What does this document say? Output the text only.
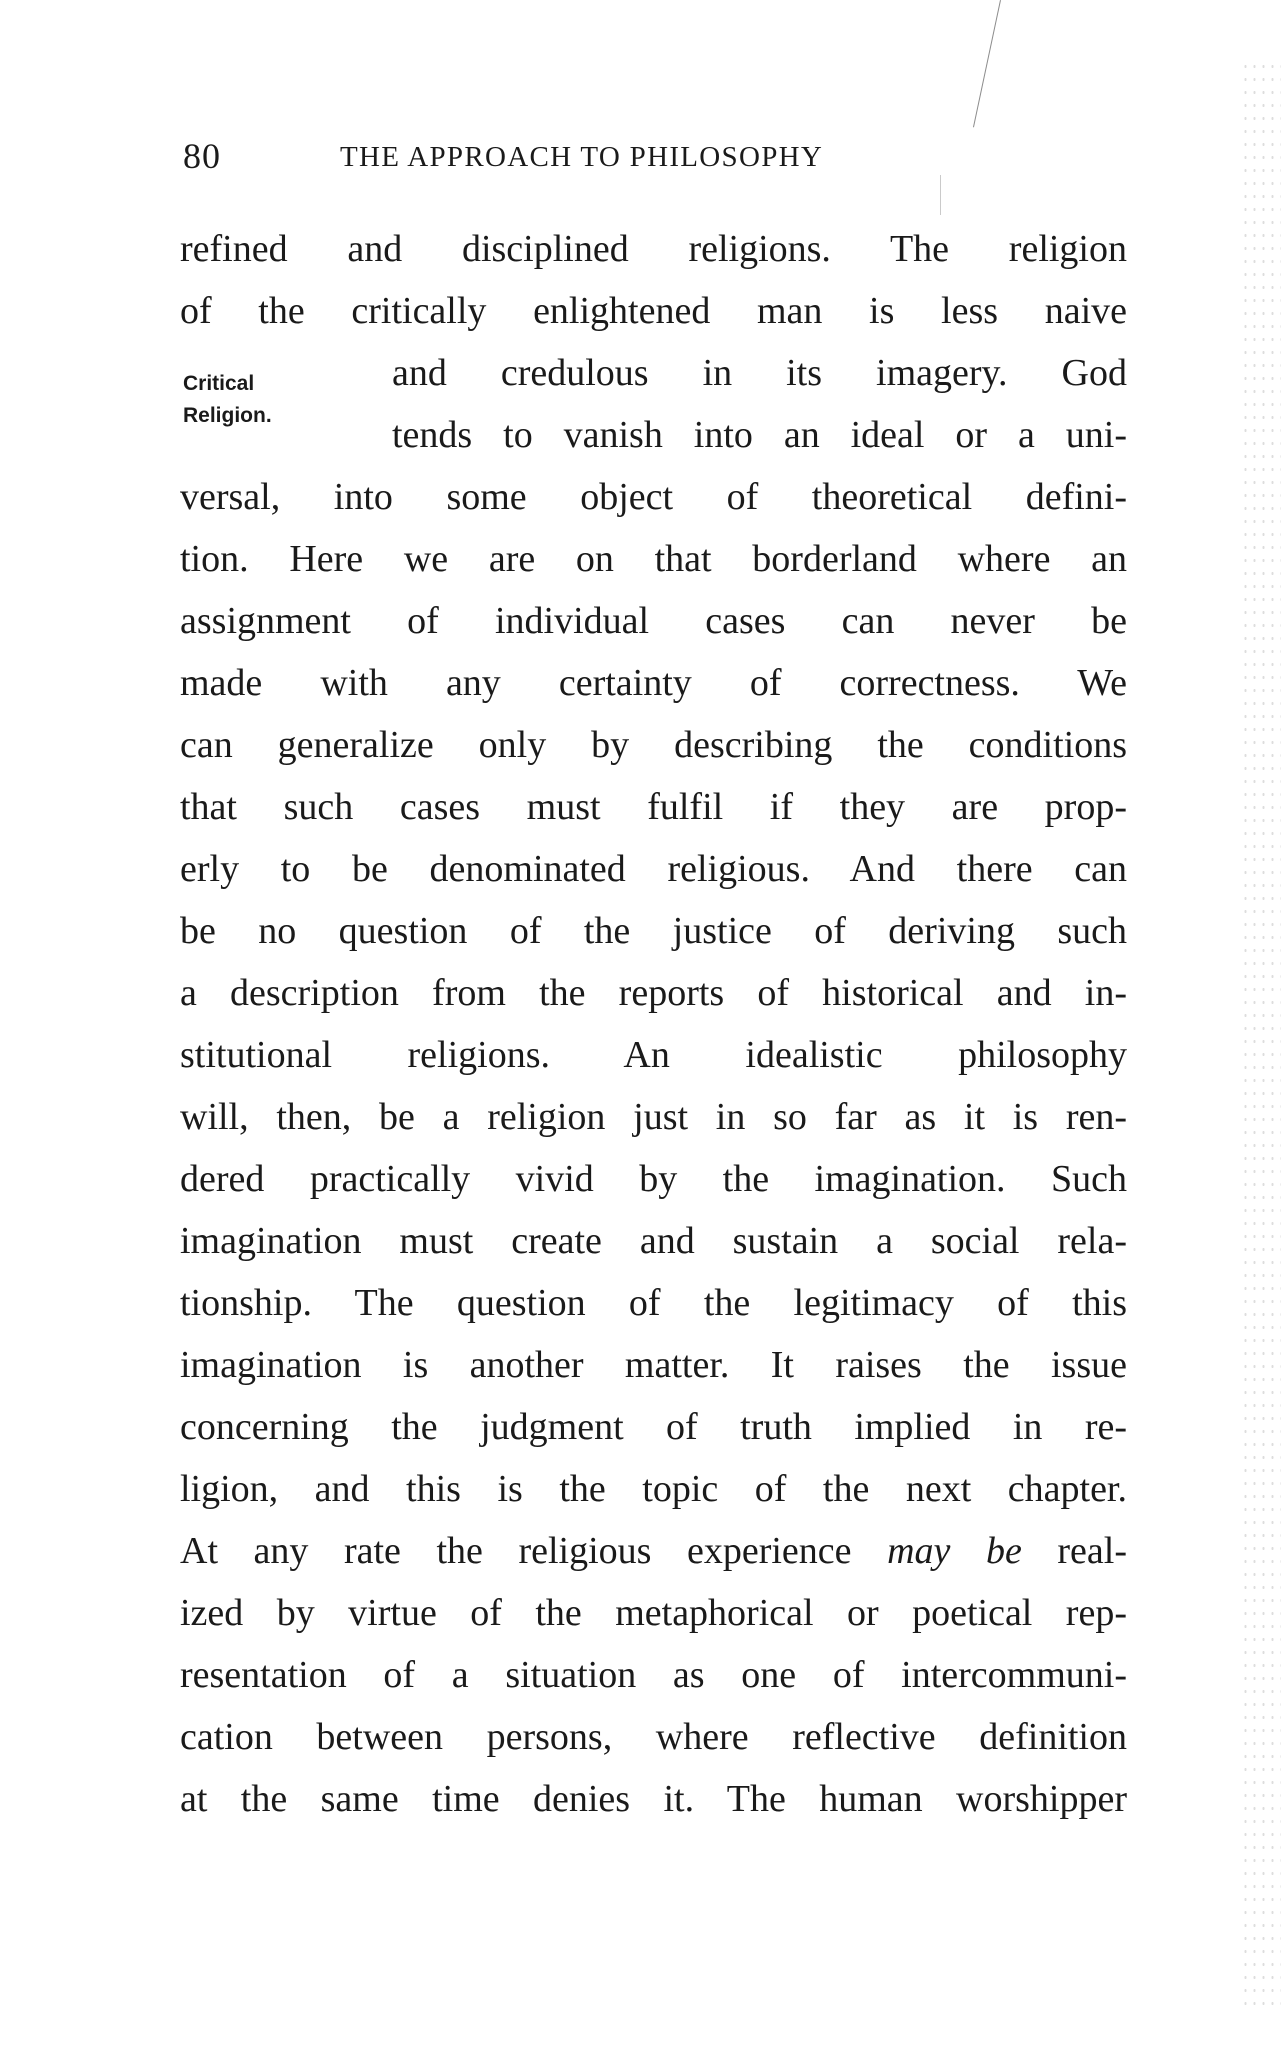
80	THE APPROACH TO PHILOSOPHY
Critical
Religion.
refined and disciplined religions. The religion
of the critically enlightened man is less naive
and credulous in its imagery. God
tends to vanish into an ideal or a uni-
versal, into some object of theoretical defini-
tion. Here we are on that borderland where an
assignment of individual cases can never be
made with any certainty of correctness. We
can generalize only by describing the conditions
that such cases must fulfil if they are prop-
erly to be denominated religious. And there can
be no question of the justice of deriving such
a description from the reports of historical and in-
stitutional religions. An idealistic philosophy
will, then, be a religion just in so far as it is ren-
dered practically vivid by the imagination. Such
imagination must create and sustain a social rela-
tionship. The question of the legitimacy of this
imagination is another matter. It raises the issue
concerning the judgment of truth implied in re-
ligion, and this is the topic of the next chapter.
At any rate the religious experience may be real-
ized by virtue of the metaphorical or poetical rep-
resentation of a situation as one of intercommuni-
cation between persons, where reflective definition
at the same time denies it. The human worshipper
